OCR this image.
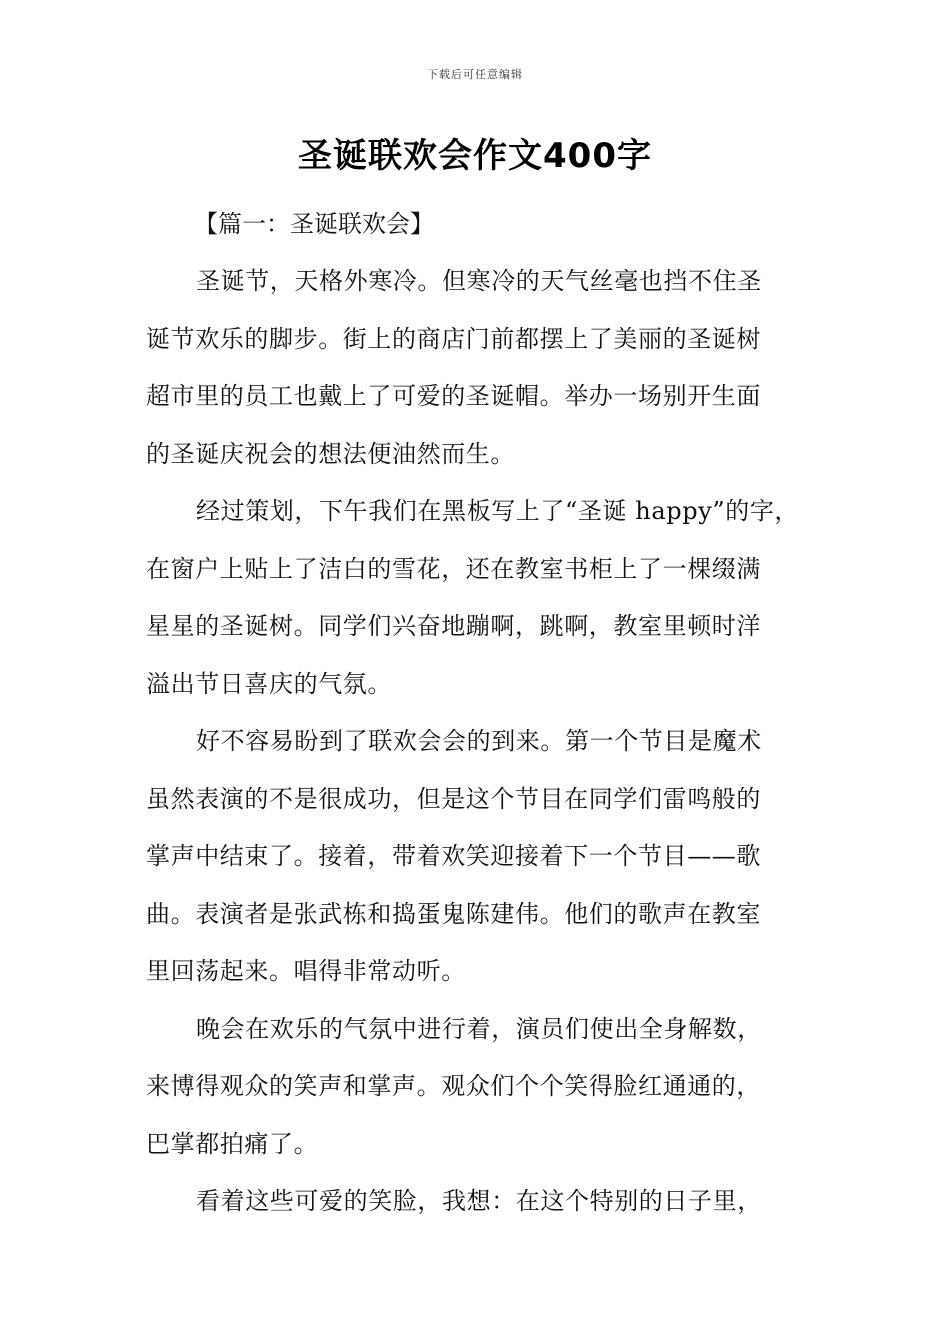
下载后可任意编辑
圣诞联欢会作文400字
【篇一：圣诞联欢会】

圣诞节，天格外寒冷。但寒冷的天气丝毫也挡不住圣
诞节欢乐的脚步。街上的商店门前都摆上了美丽的圣诞树
超市里的员工也戴上了可爱的圣诞帽。举办一场别开生面
的圣诞庆祝会的想法便油然而生。

经过策划，下午我们在黑板写上了“圣诞 happy”的字，
在窗户上贴上了洁白的雪花，还在教室书柜上了一棵缀满
星星的圣诞树。同学们兴奋地蹦啊，跳啊，教室里顿时洋
溢出节日喜庆的气氛。

好不容易盼到了联欢会会的到来。第一个节目是魔术
虽然表演的不是很成功，但是这个节目在同学们雷鸣般的
掌声中结束了。接着，带着欢笑迎接着下一个节目——歌
曲。表演者是张武栋和捣蛋鬼陈建伟。他们的歌声在教室
里回荡起来。唱得非常动听。

晚会在欢乐的气氛中进行着，演员们使出全身解数，
来博得观众的笑声和掌声。观众们个个笑得脸红通通的，
巴掌都拍痛了。

看着这些可爱的笑脸，我想：在这个特别的日子里，
